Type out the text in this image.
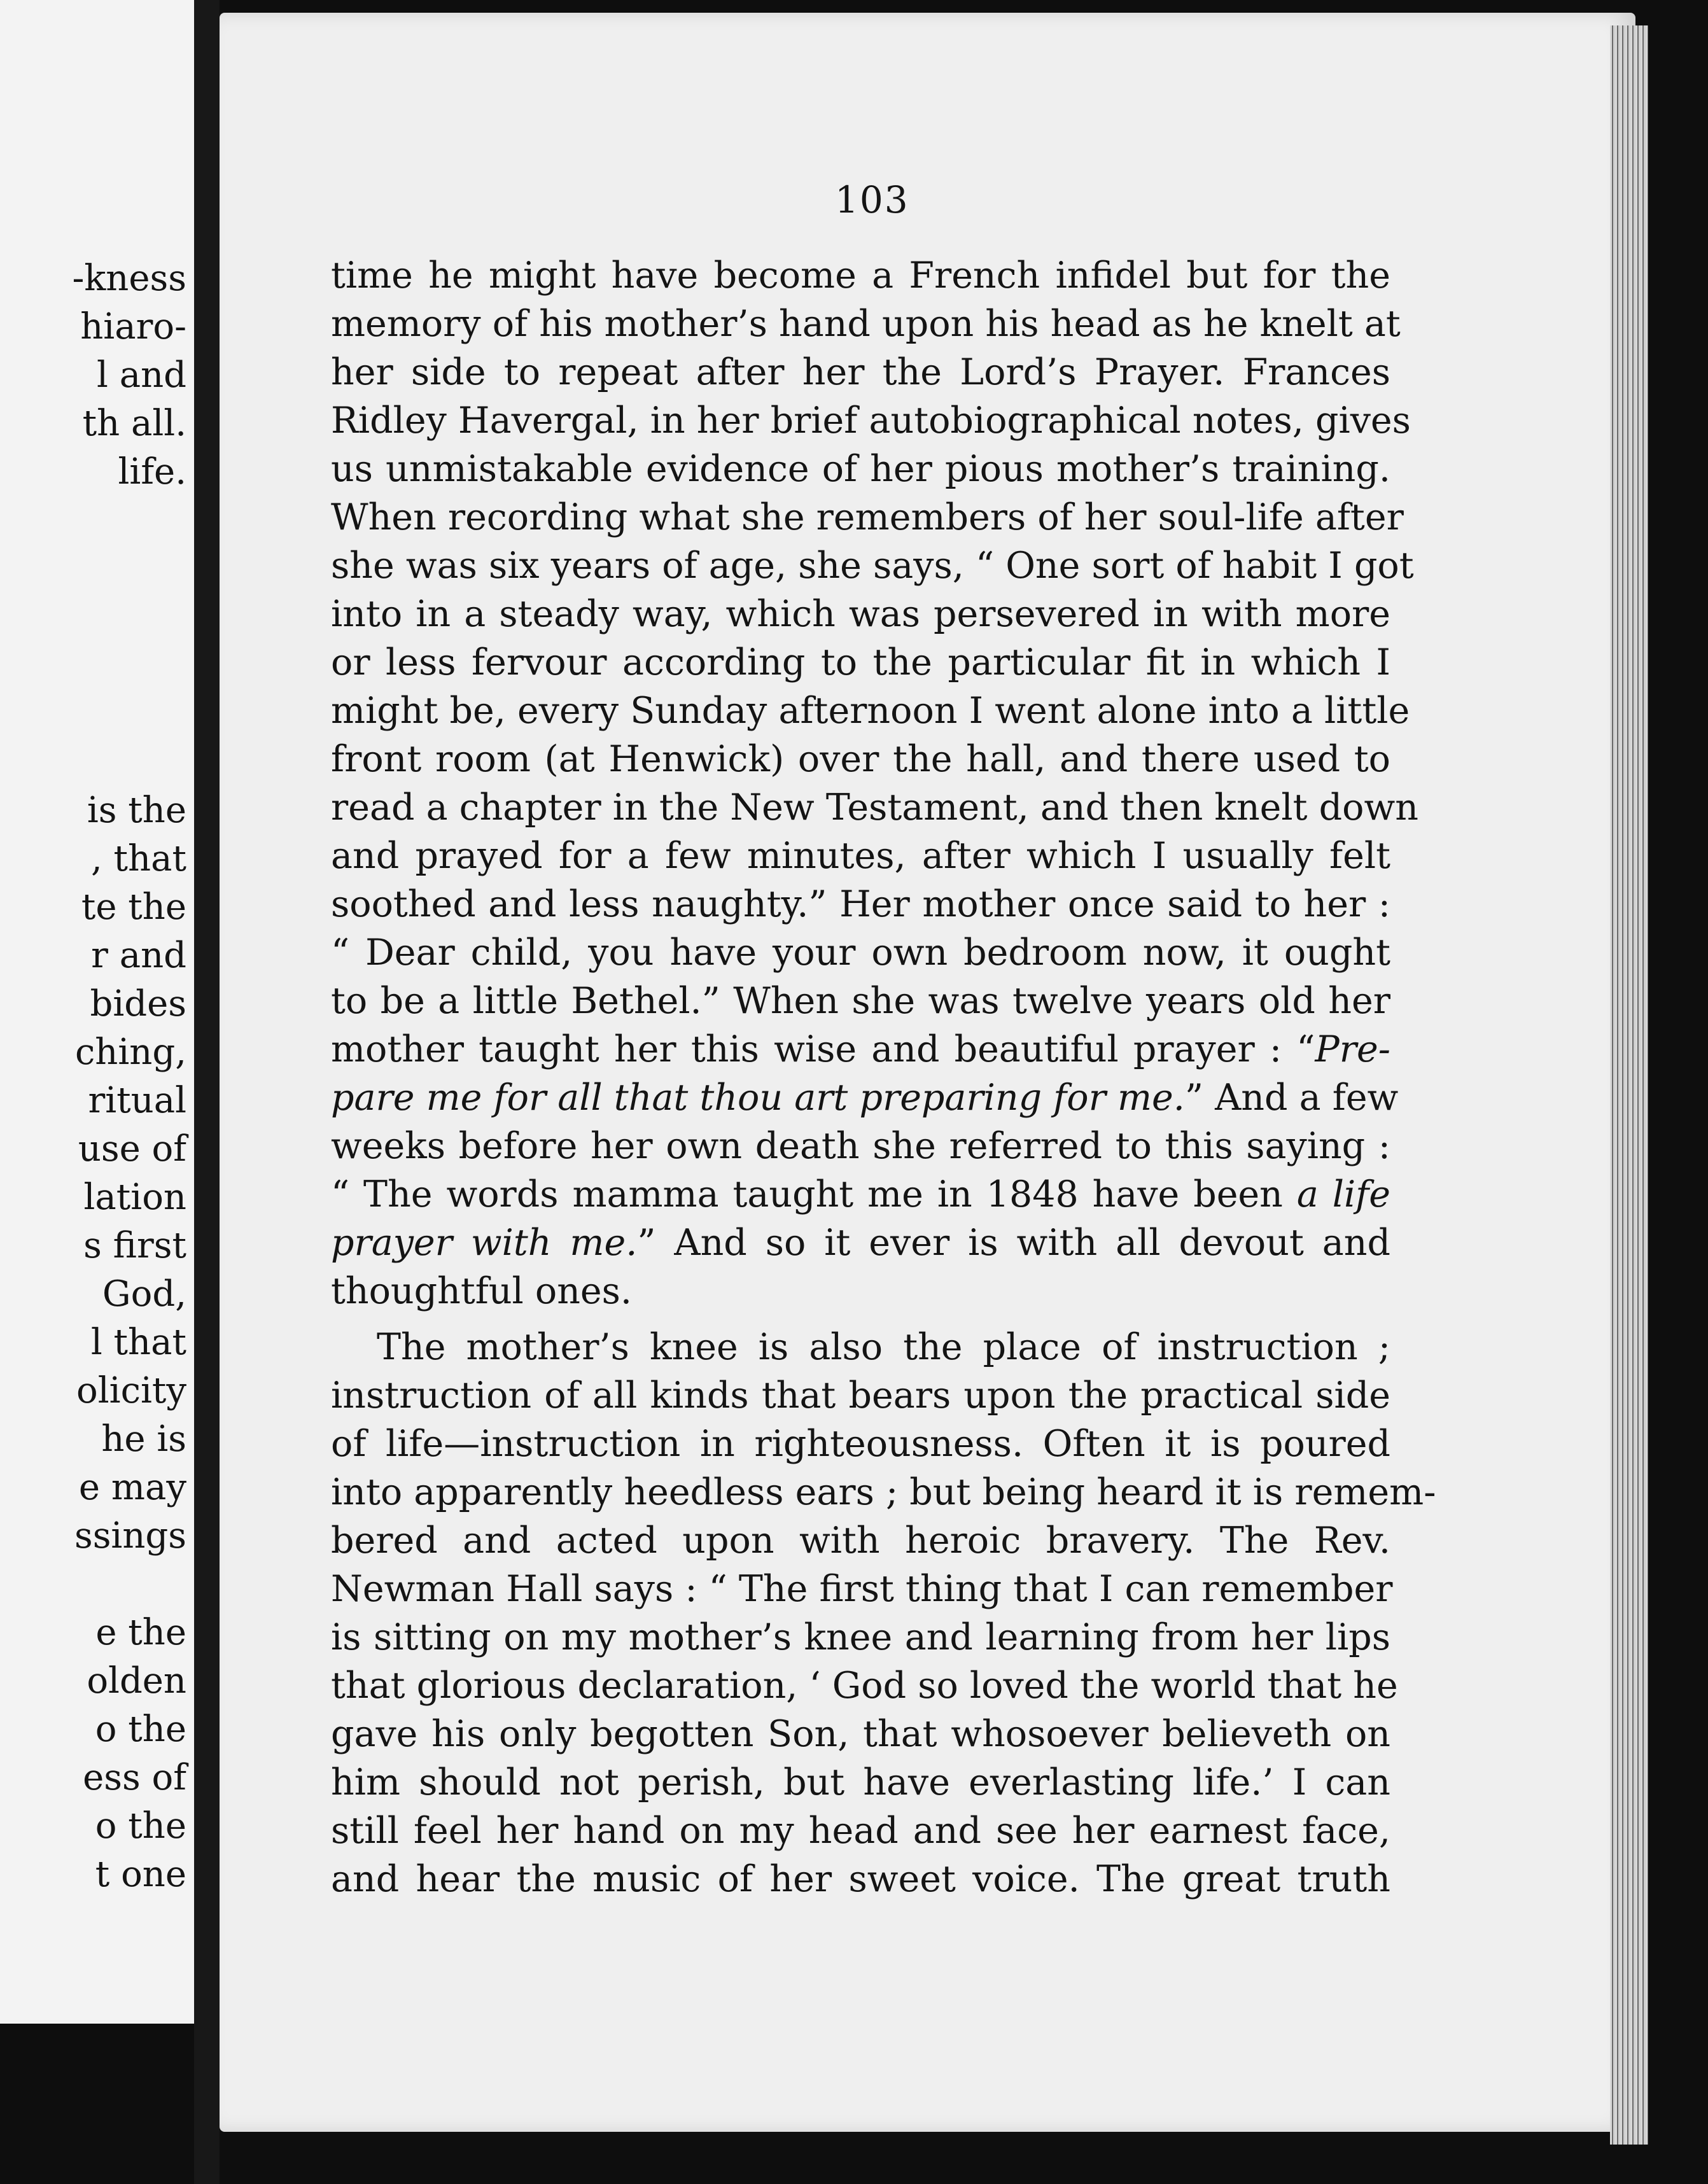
-kness
hiaro-
l and
th all.
life.
is the
, that
te the
r and
bides
ching,
ritual
use of
lation
s first
God,
l that
olicity
he is
e may
ssings
e the
olden
o the
ess of
o the
t one
103
time he might have become a French infidel but for the
memory of his mother’s hand upon his head as he knelt at
her side to repeat after her the Lord’s Prayer. Frances
Ridley Havergal, in her brief autobiographical notes, gives
us unmistakable evidence of her pious mother’s training.
When recording what she remembers of her soul-life after
she was six years of age, she says, “ One sort of habit I got
into in a steady way, which was persevered in with more
or less fervour according to the particular fit in which I
might be, every Sunday afternoon I went alone into a little
front room (at Henwick) over the hall, and there used to
read a chapter in the New Testament, and then knelt down
and prayed for a few minutes, after which I usually felt
soothed and less naughty.” Her mother once said to her :
“ Dear child, you have your own bedroom now, it ought
to be a little Bethel.” When she was twelve years old her
mother taught her this wise and beautiful prayer : “Pre-
pare me for all that thou art preparing for me.” And a few
weeks before her own death she referred to this saying :
“ The words mamma taught me in 1848 have been a life
prayer with me.” And so it ever is with all devout and
thoughtful ones.
The mother’s knee is also the place of instruction ;
instruction of all kinds that bears upon the practical side
of life—instruction in righteousness. Often it is poured
into apparently heedless ears ; but being heard it is remem-
bered and acted upon with heroic bravery. The Rev.
Newman Hall says : “ The first thing that I can remember
is sitting on my mother’s knee and learning from her lips
that glorious declaration, ‘ God so loved the world that he
gave his only begotten Son, that whosoever believeth on
him should not perish, but have everlasting life.’ I can
still feel her hand on my head and see her earnest face,
and hear the music of her sweet voice. The great truth
